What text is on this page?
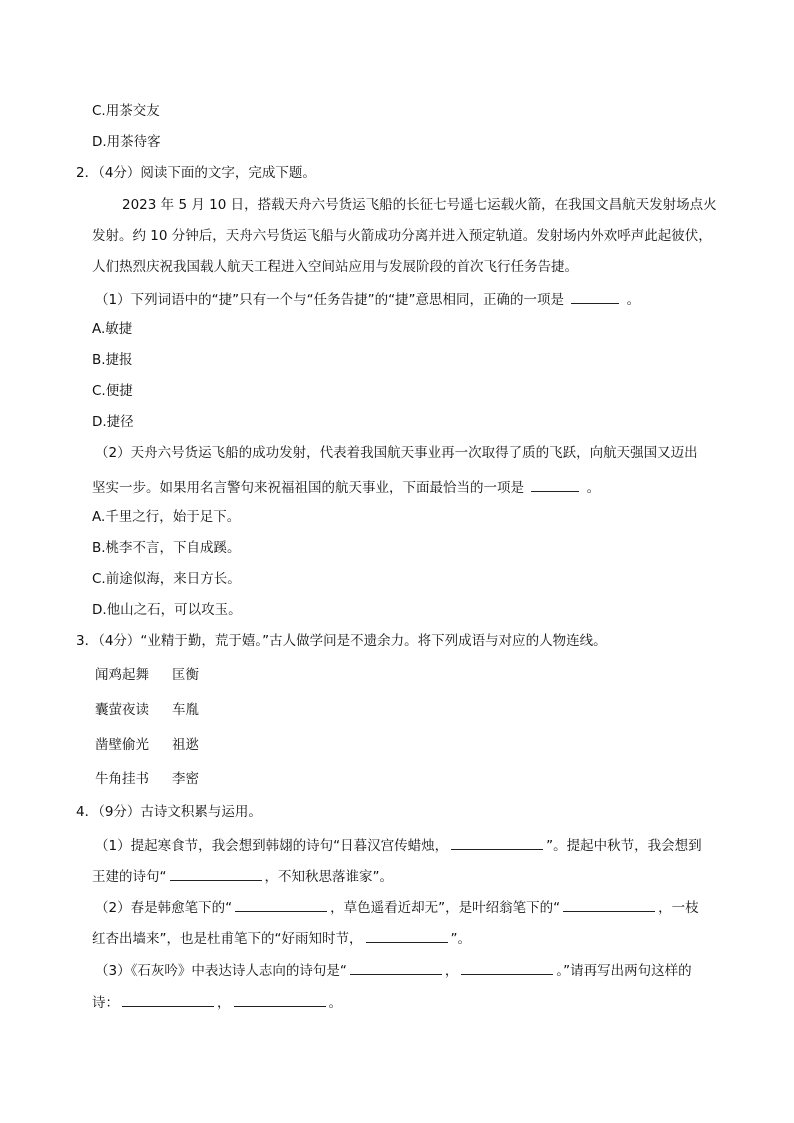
C.用茶交友
D.用茶待客
2．（4分）阅读下面的文字，完成下题。
2023 年 5 月 10 日，搭载天舟六号货运飞船的长征七号遥七运载火箭，在我国文昌航天发射场点火
发射。约 10 分钟后，天舟六号货运飞船与火箭成功分离并进入预定轨道。发射场内外欢呼声此起彼伏，
人们热烈庆祝我国载人航天工程进入空间站应用与发展阶段的首次飞行任务告捷。
（1）下列词语中的“捷”只有一个与“任务告捷”的“捷”意思相同，正确的一项是	。
A.敏捷
B.捷报
C.便捷
D.捷径
（2）天舟六号货运飞船的成功发射，代表着我国航天事业再一次取得了质的飞跃，向航天强国又迈出
坚实一步。如果用名言警句来祝福祖国的航天事业，下面最恰当的一项是	。
A.千里之行，始于足下。
B.桃李不言，下自成蹊。
C.前途似海，来日方长。
D.他山之石，可以攻玉。
3．（4分）“业精于勤，荒于嬉。”古人做学问是不遗余力。将下列成语与对应的人物连线。
闻鸡起舞 匡衡
囊萤夜读 车胤
凿壁偷光 祖逖
牛角挂书 李密
4．（9分）古诗文积累与运用。
（1）提起寒食节，我会想到韩翃的诗句“日暮汉宫传蜡烛，	”。提起中秋节，我会想到
王建的诗句“	，不知秋思落谁家”。
（2）春是韩愈笔下的“	，草色遥看近却无”，是叶绍翁笔下的“	，一枝
红杏出墙来”，也是杜甫笔下的“好雨知时节，	”。
（3）《石灰吟》中表达诗人志向的诗句是“	，	。”请再写出两句这样的
诗：	，	。
